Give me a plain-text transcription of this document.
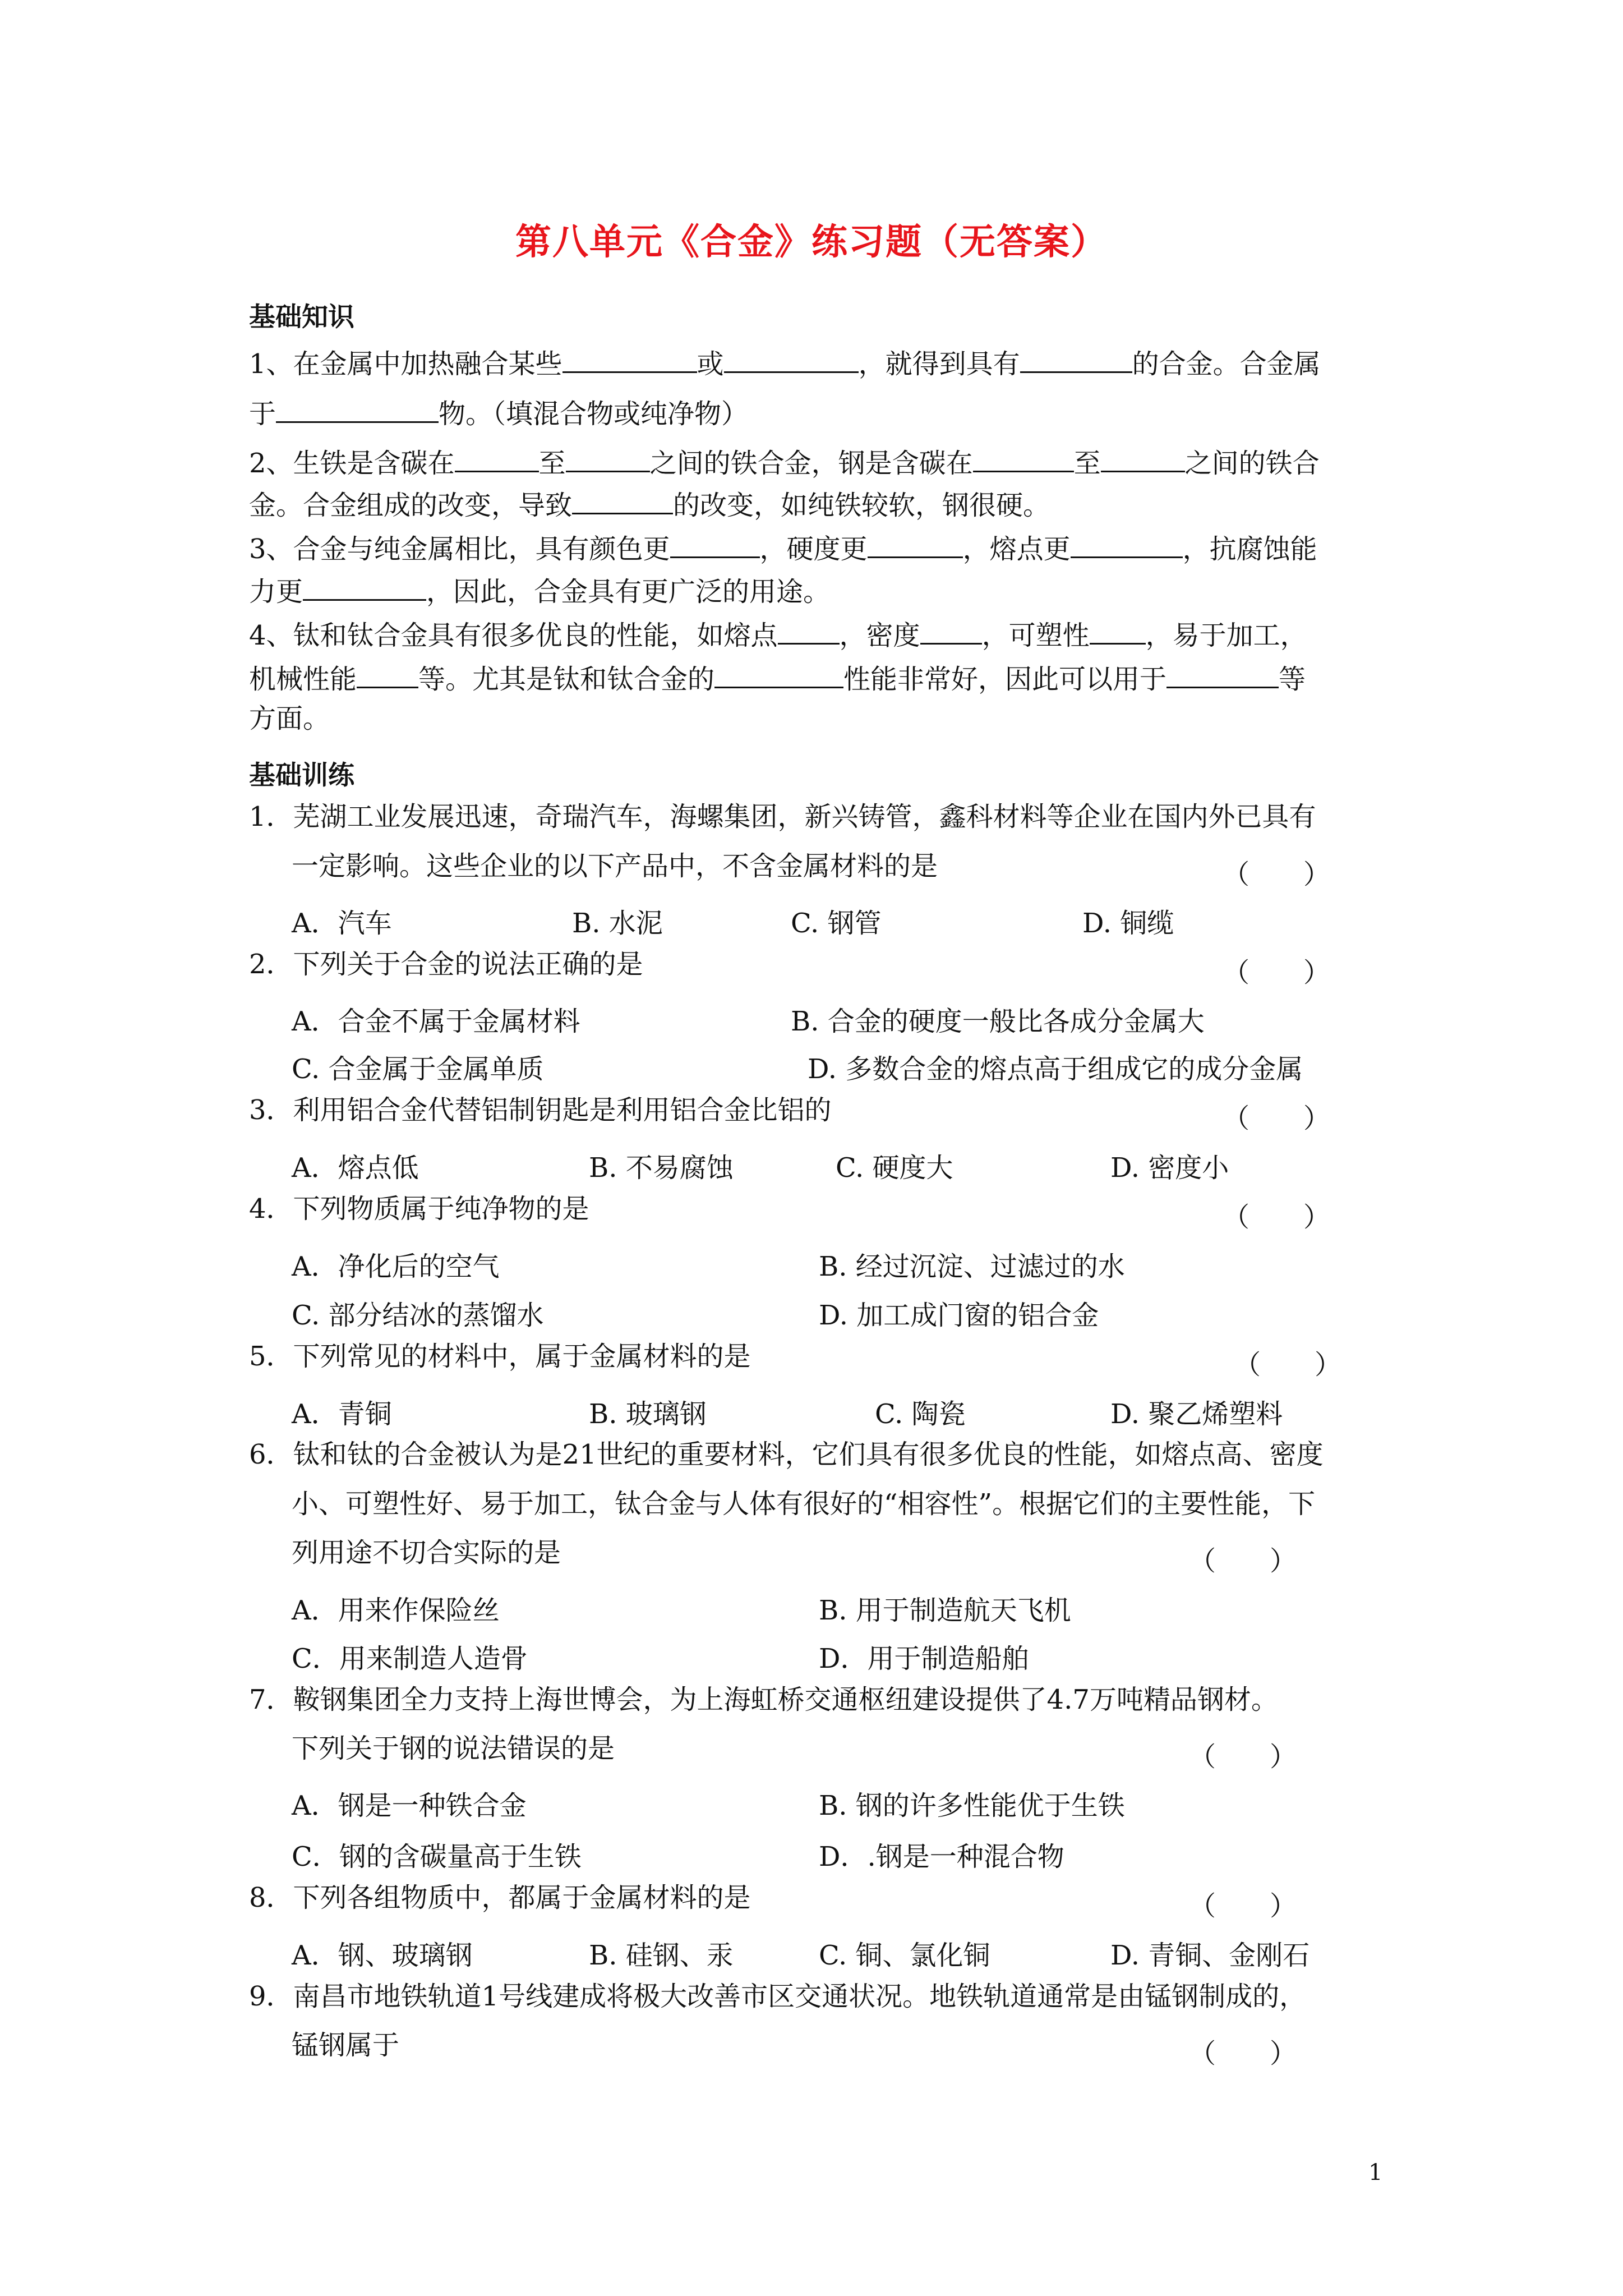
第八单元《合金》练习题（无答案）
基础知识
1、在金属中加热融合某些	或	，就得到具有	的合金。合金属
于	物。（填混合物或纯净物）
2、生铁是含碳在	至	之间的铁合金，钢是含碳在	至	之间的铁合
金。合金组成的改变，导致	的改变，如纯铁较软，钢很硬。
3、合金与纯金属相比，具有颜色更	，硬度更	，熔点更	，抗腐蚀能
力更	，因此，合金具有更广泛的用途。
4、钛和钛合金具有很多优良的性能，如熔点 ，密度 ，可塑性 ，易于加工，
机械性能 等。尤其是钛和钛合金的	性能非常好，因此可以用于	等
方面。
基础训练
1．芜湖工业发展迅速，奇瑞汽车，海螺集团，新兴铸管，鑫科材料等企业在国内外已具有
一定影响。这些企业的以下产品中，不含金属材料的是	（　　）
A．汽车	B. 水泥	C. 钢管	D. 铜缆
2．下列关于合金的说法正确的是	（　　）
A．合金不属于金属材料	B. 合金的硬度一般比各成分金属大
C. 合金属于金属单质	D. 多数合金的熔点高于组成它的成分金属
3．利用铝合金代替铝制钥匙是利用铝合金比铝的	（　　）
A．熔点低	B. 不易腐蚀	C. 硬度大	D. 密度小
4．下列物质属于纯净物的是	（　　）
A．净化后的空气	B. 经过沉淀、过滤过的水
C. 部分结冰的蒸馏水	D. 加工成门窗的铝合金
5．下列常见的材料中，属于金属材料的是	（　　）
A．青铜	B. 玻璃钢	C. 陶瓷	D. 聚乙烯塑料
6．钛和钛的合金被认为是21世纪的重要材料，它们具有很多优良的性能，如熔点高、密度
小、可塑性好、易于加工，钛合金与人体有很好的“相容性”。根据它们的主要性能，下
列用途不切合实际的是	（　　）
A．用来作保险丝	B. 用于制造航天飞机
C．用来制造人造骨	D．用于制造船舶
7．鞍钢集团全力支持上海世博会，为上海虹桥交通枢纽建设提供了4.7万吨精品钢材。
下列关于钢的说法错误的是	（　　）
A．钢是一种铁合金	B. 钢的许多性能优于生铁
C．钢的含碳量高于生铁	D．.钢是一种混合物
8．下列各组物质中，都属于金属材料的是	（　　）
A．钢、玻璃钢	B. 硅钢、汞	C. 铜、氯化铜	D. 青铜、金刚石
9．南昌市地铁轨道1号线建成将极大改善市区交通状况。地铁轨道通常是由锰钢制成的，
锰钢属于	（　　）
1
